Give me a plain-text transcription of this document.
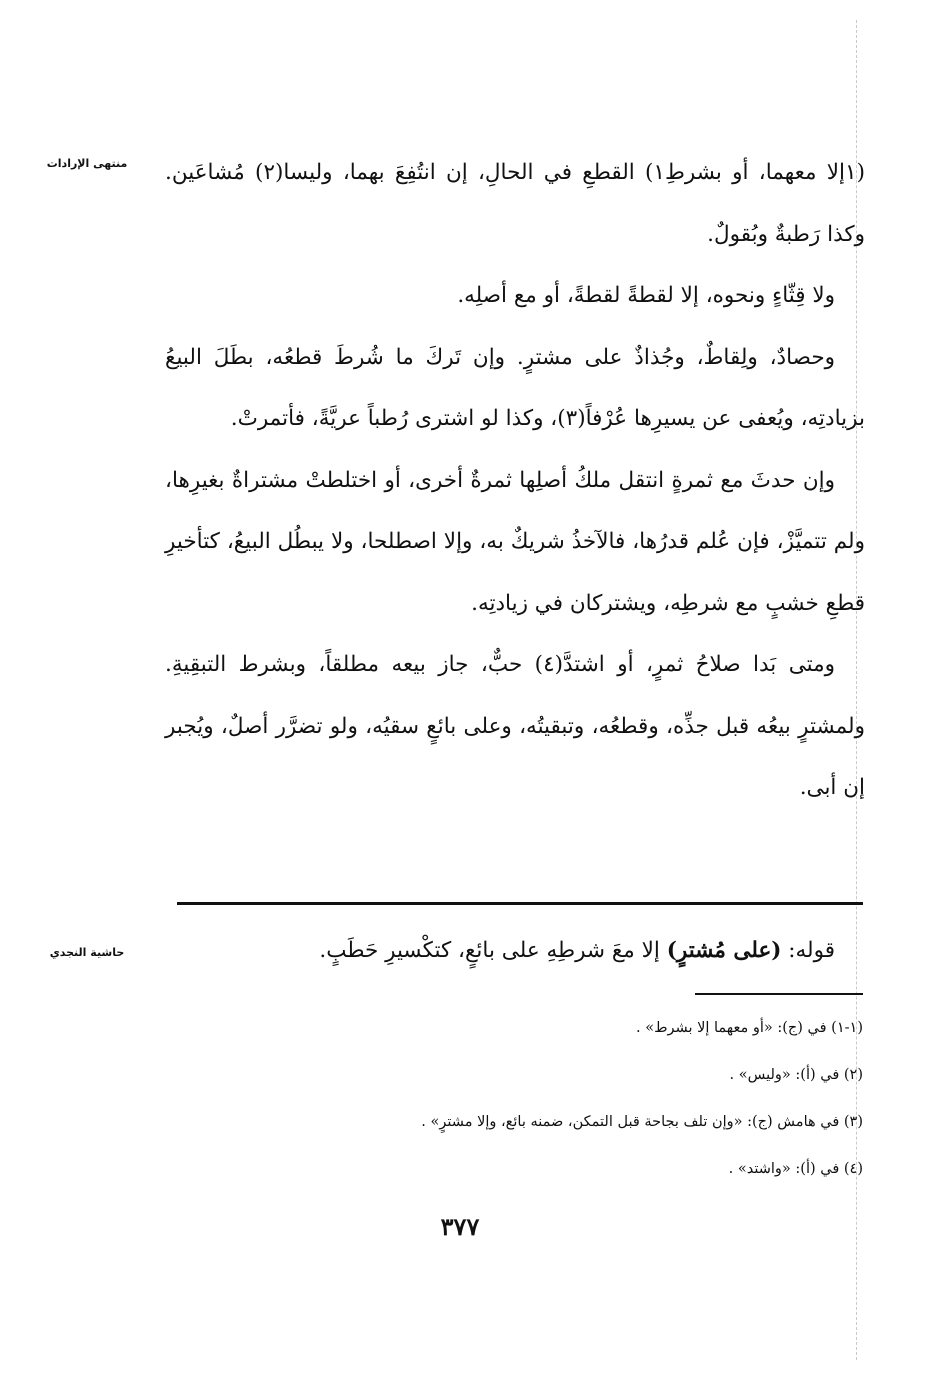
منتهى الإرادات
حاشية النجدي

(١إلا معهما، أو بشرطِ١) القطعِ في الحالِ، إن انتُفِعَ بهما، وليسا(٢) مُشاعَين. وكذا رَطبةٌ وبُقولٌ.

ولا قِثّاءٍ ونحوه، إلا لقطةً لقطةً، أو مع أصلِه.

وحصادٌ، ولِقاطٌ، وجُذاذٌ على مشترٍ. وإن تَركَ ما شُرطَ قطعُه، بطَلَ البيعُ بزيادتِه، ويُعفى عن يسيرِها عُرْفاً(٣)، وكذا لو اشترى رُطباً عريَّةً، فأتمرتْ.

وإن حدثَ مع ثمرةٍ انتقل ملكُ أصلِها ثمرةٌ أخرى، أو اختلطتْ مشتراةٌ بغيرِها، ولم تتميَّزْ، فإن عُلم قدرُها، فالآخذُ شريكٌ به، وإلا اصطلحا، ولا يبطُل البيعُ، كتأخيرِ قطعِ خشبٍ مع شرطِه، ويشتركان في زيادتِه.

ومتى بَدا صلاحُ ثمرٍ، أو اشتدَّ(٤) حبٌّ، جاز بيعه مطلقاً، وبشرط التبقِيةِ. ولمشترٍ بيعُه قبل جذِّه، وقطعُه، وتبقيتُه، وعلى بائعٍ سقيُه، ولو تضرَّر أصلٌ، ويُجبر إن أبى.

قوله: (على مُشترٍ) إلا معَ شرطِهِ على بائعٍ، كتكْسيرِ حَطَبٍ.
(١-١) في (ج): «أو معهما إلا بشرط» .
(٢) في (أ): «وليس» .
(٣) في هامش (ج): «وإن تلف بجاحة قبل التمكن، ضمنه بائع، وإلا مشترٍ» .
(٤) في (أ): «واشتد» .
٣٧٧
